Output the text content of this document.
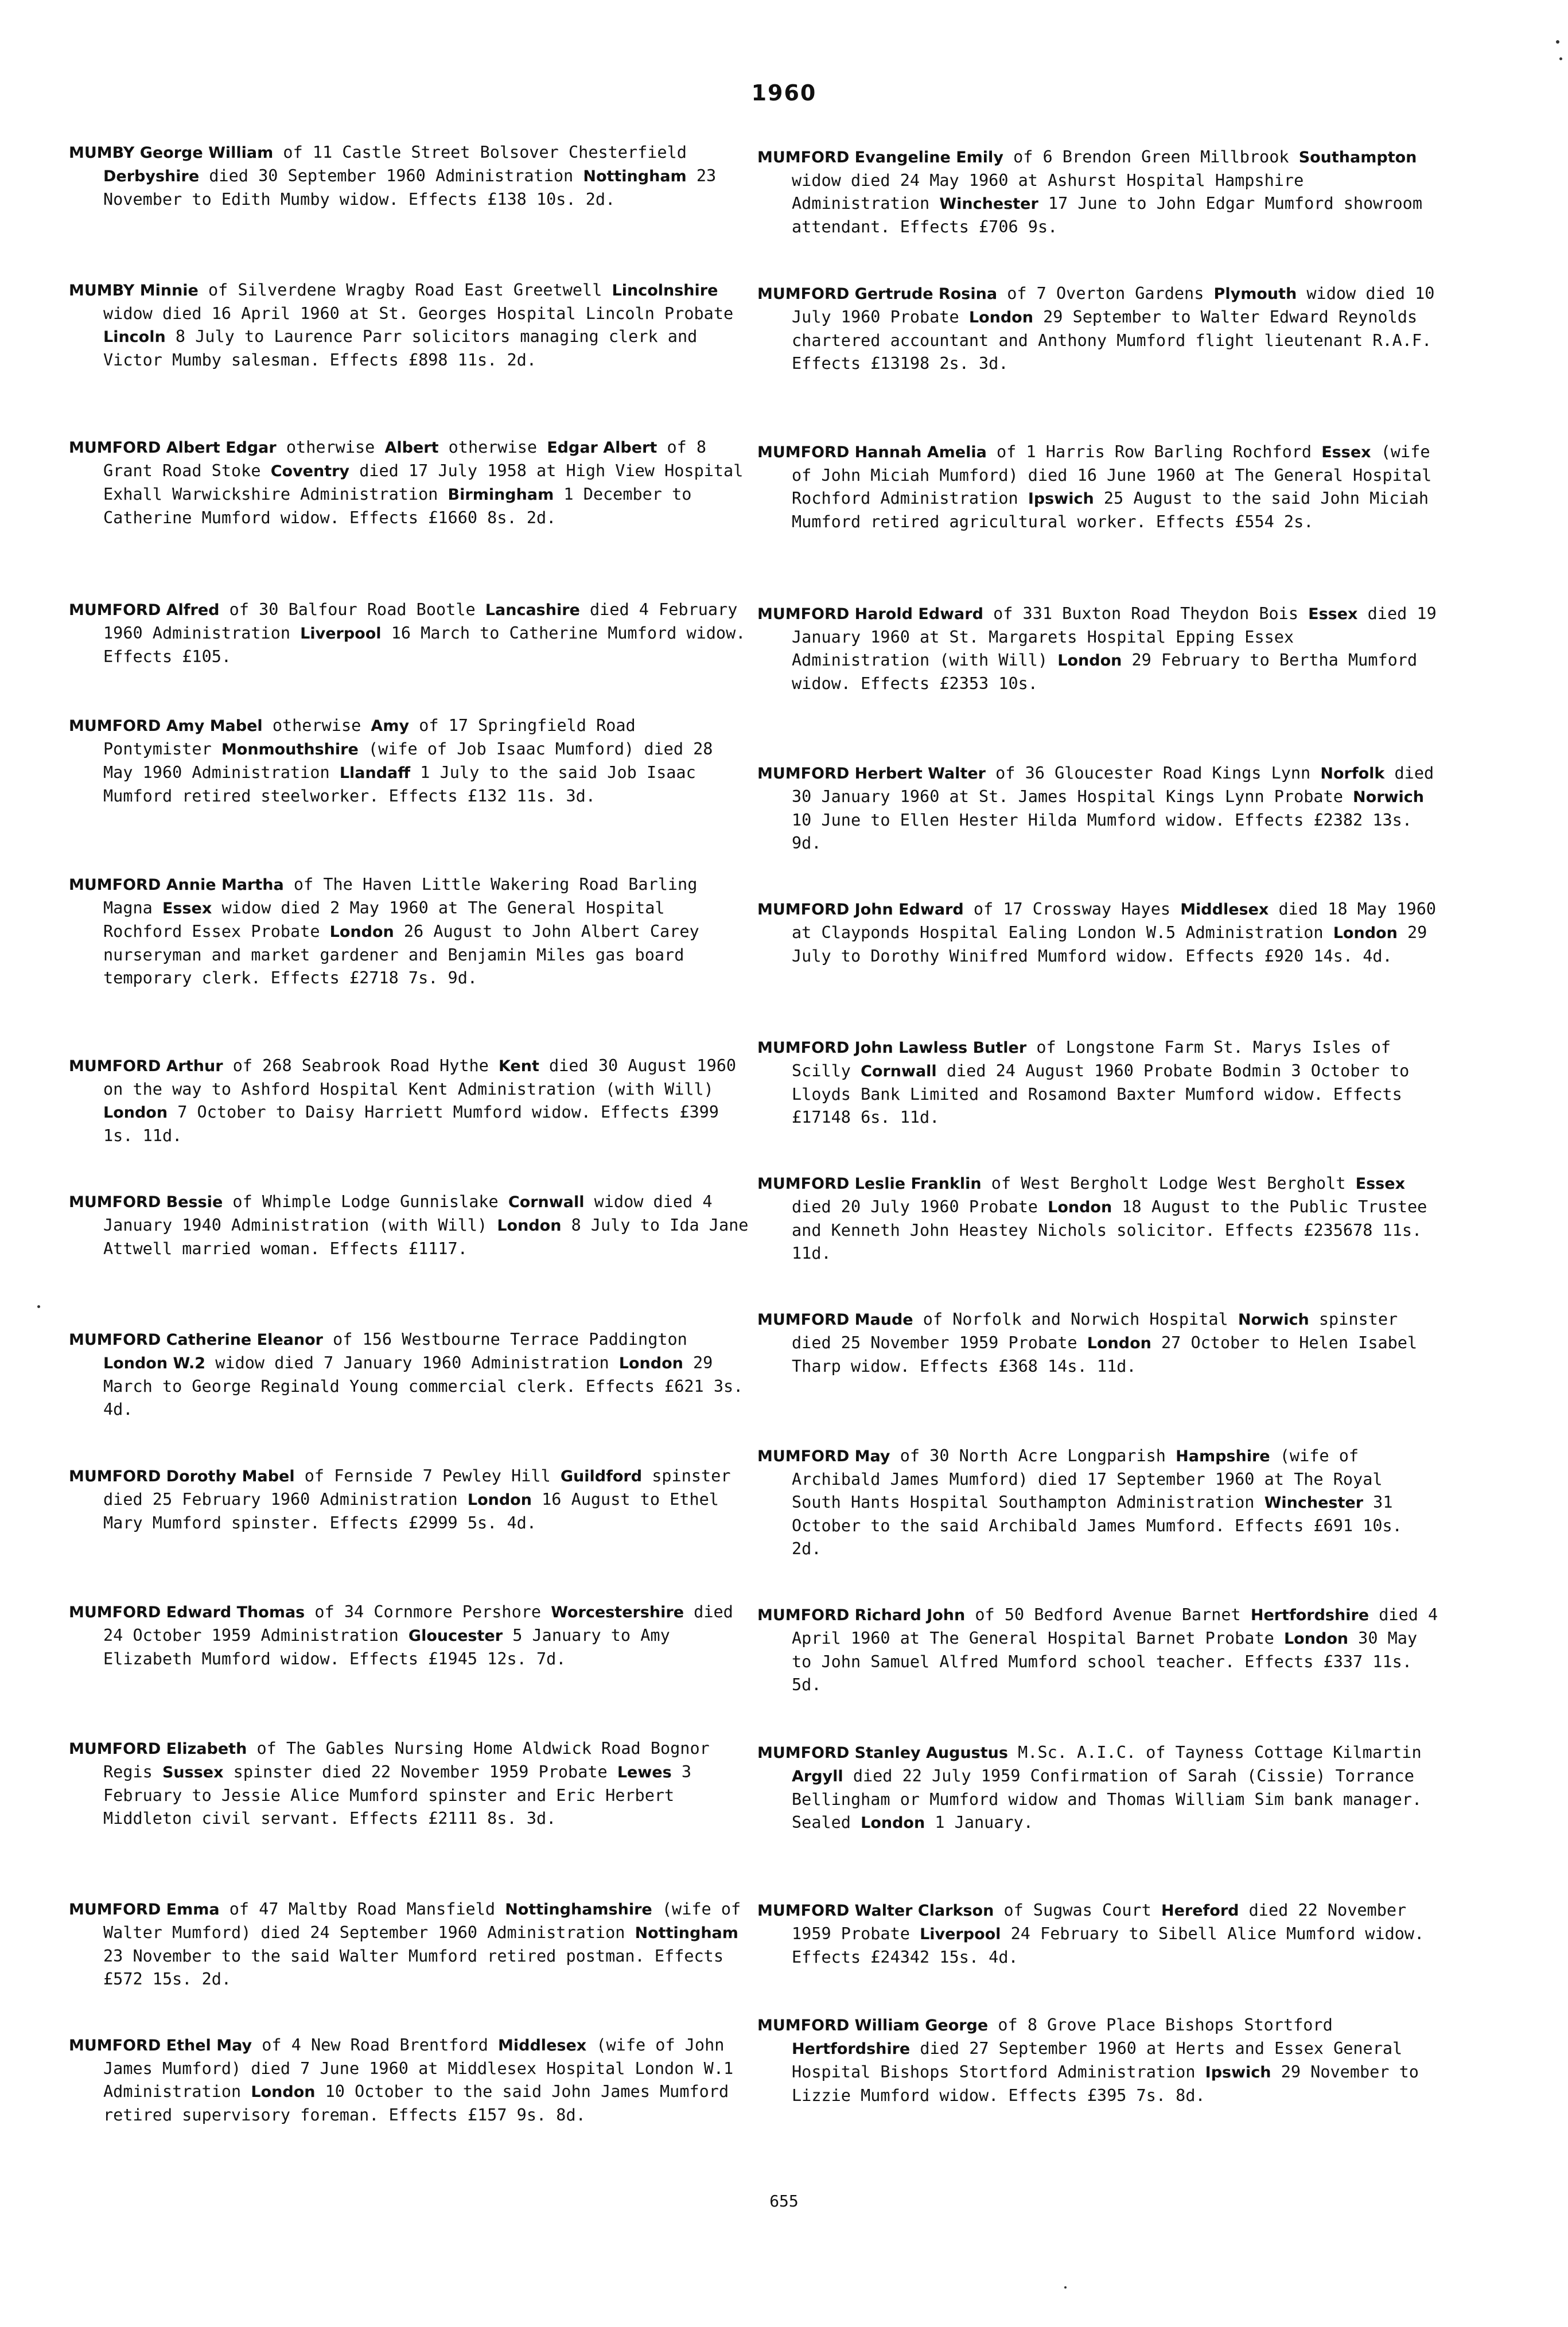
1960
MUMBY George William of 11 Castle Street Bolsover Chesterfield Derbyshire died 30 September 1960 Administration Nottingham 23 November to Edith Mumby widow. Effects £138 10s. 2d.
MUMBY Minnie of Silverdene Wragby Road East Greetwell Lincolnshire widow died 16 April 1960 at St. Georges Hospital Lincoln Probate Lincoln 8 July to Laurence Parr solicitors managing clerk and Victor Mumby salesman. Effects £898 11s. 2d.
MUMFORD Albert Edgar otherwise Albert otherwise Edgar Albert of 8 Grant Road Stoke Coventry died 17 July 1958 at High View Hospital Exhall Warwickshire Administration Birmingham 1 December to Catherine Mumford widow. Effects £1660 8s. 2d.
MUMFORD Alfred of 30 Balfour Road Bootle Lancashire died 4 February 1960 Administration Liverpool 16 March to Catherine Mumford widow. Effects £105.
MUMFORD Amy Mabel otherwise Amy of 17 Springfield Road Pontymister Monmouthshire (wife of Job Isaac Mumford) died 28 May 1960 Administration Llandaff 1 July to the said Job Isaac Mumford retired steelworker. Effects £132 11s. 3d.
MUMFORD Annie Martha of The Haven Little Wakering Road Barling Magna Essex widow died 2 May 1960 at The General Hospital Rochford Essex Probate London 26 August to John Albert Carey nurseryman and market gardener and Benjamin Miles gas board temporary clerk. Effects £2718 7s. 9d.
MUMFORD Arthur of 268 Seabrook Road Hythe Kent died 30 August 1960 on the way to Ashford Hospital Kent Administration (with Will) London 7 October to Daisy Harriett Mumford widow. Effects £399 1s. 11d.
MUMFORD Bessie of Whimple Lodge Gunnislake Cornwall widow died 4 January 1940 Administration (with Will) London 8 July to Ida Jane Attwell married woman. Effects £1117.
MUMFORD Catherine Eleanor of 156 Westbourne Terrace Paddington London W.2 widow died 7 January 1960 Administration London 29 March to George Reginald Young commercial clerk. Effects £621 3s. 4d.
MUMFORD Dorothy Mabel of Fernside 7 Pewley Hill Guildford spinster died 25 February 1960 Administration London 16 August to Ethel Mary Mumford spinster. Effects £2999 5s. 4d.
MUMFORD Edward Thomas of 34 Cornmore Pershore Worcestershire died 24 October 1959 Administration Gloucester 5 January to Amy Elizabeth Mumford widow. Effects £1945 12s. 7d.
MUMFORD Elizabeth of The Gables Nursing Home Aldwick Road Bognor Regis Sussex spinster died 22 November 1959 Probate Lewes 3 February to Jessie Alice Mumford spinster and Eric Herbert Middleton civil servant. Effects £2111 8s. 3d.
MUMFORD Emma of 47 Maltby Road Mansfield Nottinghamshire (wife of Walter Mumford) died 24 September 1960 Administration Nottingham 23 November to the said Walter Mumford retired postman. Effects £572 15s. 2d.
MUMFORD Ethel May of 4 New Road Brentford Middlesex (wife of John James Mumford) died 7 June 1960 at Middlesex Hospital London W.1 Administration London 10 October to the said John James Mumford retired supervisory foreman. Effects £157 9s. 8d.
MUMFORD Evangeline Emily of 6 Brendon Green Millbrook Southampton widow died 24 May 1960 at Ashurst Hospital Hampshire Administration Winchester 17 June to John Edgar Mumford showroom attendant. Effects £706 9s.
MUMFORD Gertrude Rosina of 7 Overton Gardens Plymouth widow died 10 July 1960 Probate London 29 September to Walter Edward Reynolds chartered accountant and Anthony Mumford flight lieutenant R.A.F. Effects £13198 2s. 3d.
MUMFORD Hannah Amelia of 1 Harris Row Barling Rochford Essex (wife of John Miciah Mumford) died 16 June 1960 at The General Hospital Rochford Administration Ipswich 25 August to the said John Miciah Mumford retired agricultural worker. Effects £554 2s.
MUMFORD Harold Edward of 331 Buxton Road Theydon Bois Essex died 19 January 1960 at St. Margarets Hospital Epping Essex Administration (with Will) London 29 February to Bertha Mumford widow. Effects £2353 10s.
MUMFORD Herbert Walter of 36 Gloucester Road Kings Lynn Norfolk died 30 January 1960 at St. James Hospital Kings Lynn Probate Norwich 10 June to Ellen Hester Hilda Mumford widow. Effects £2382 13s. 9d.
MUMFORD John Edward of 17 Crossway Hayes Middlesex died 18 May 1960 at Clayponds Hospital Ealing London W.5 Administration London 29 July to Dorothy Winifred Mumford widow. Effects £920 14s. 4d.
MUMFORD John Lawless Butler of Longstone Farm St. Marys Isles of Scilly Cornwall died 24 August 1960 Probate Bodmin 3 October to Lloyds Bank Limited and Rosamond Baxter Mumford widow. Effects £17148 6s. 11d.
MUMFORD Leslie Franklin of West Bergholt Lodge West Bergholt Essex died 20 July 1960 Probate London 18 August to the Public Trustee and Kenneth John Heastey Nichols solicitor. Effects £235678 11s. 11d.
MUMFORD Maude of Norfolk and Norwich Hospital Norwich spinster died 25 November 1959 Probate London 27 October to Helen Isabel Tharp widow. Effects £368 14s. 11d.
MUMFORD May of 30 North Acre Longparish Hampshire (wife of Archibald James Mumford) died 17 September 1960 at The Royal South Hants Hospital Southampton Administration Winchester 31 October to the said Archibald James Mumford. Effects £691 10s. 2d.
MUMFORD Richard John of 50 Bedford Avenue Barnet Hertfordshire died 4 April 1960 at The General Hospital Barnet Probate London 30 May to John Samuel Alfred Mumford school teacher. Effects £337 11s. 5d.
MUMFORD Stanley Augustus M.Sc. A.I.C. of Tayness Cottage Kilmartin Argyll died 22 July 1959 Confirmation of Sarah (Cissie) Torrance Bellingham or Mumford widow and Thomas William Sim bank manager. Sealed London 1 January.
MUMFORD Walter Clarkson of Sugwas Court Hereford died 22 November 1959 Probate Liverpool 24 February to Sibell Alice Mumford widow. Effects £24342 15s. 4d.
MUMFORD William George of 8 Grove Place Bishops Stortford Hertfordshire died 27 September 1960 at Herts and Essex General Hospital Bishops Stortford Administration Ipswich 29 November to Lizzie Mumford widow. Effects £395 7s. 8d.
655
